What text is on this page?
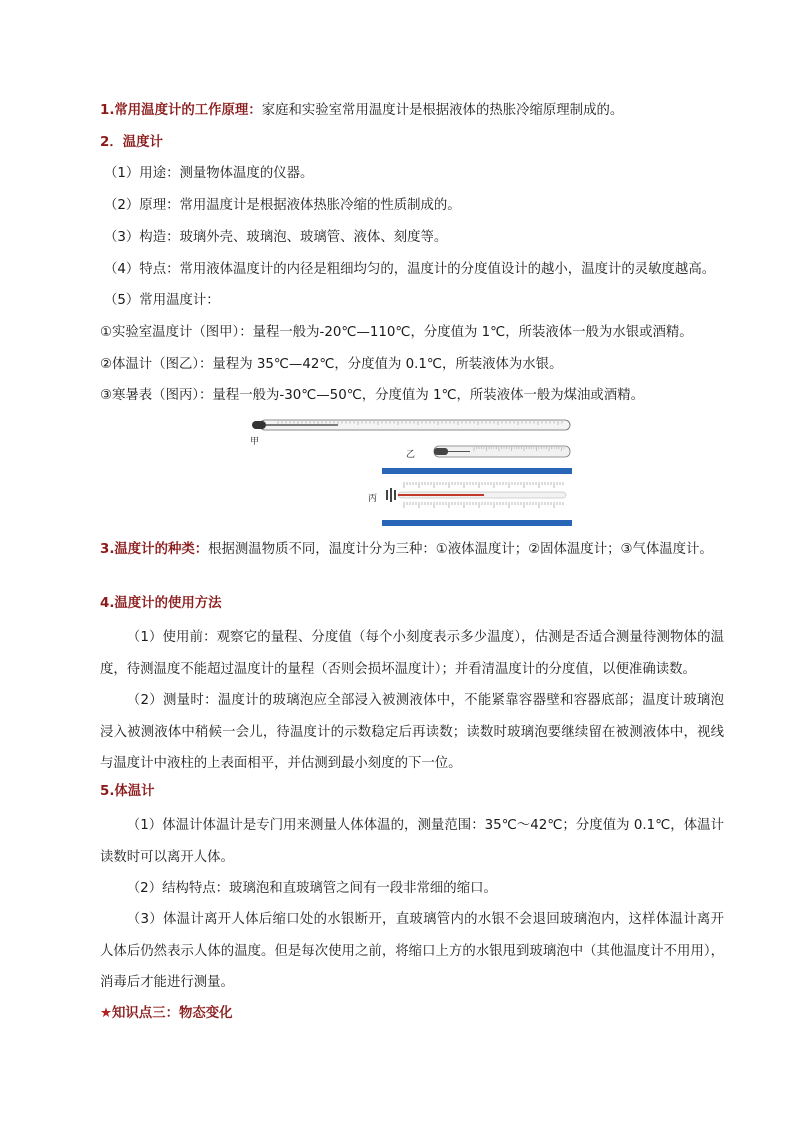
1.常用温度计的工作原理：家庭和实验室常用温度计是根据液体的热胀冷缩原理制成的。
2．温度计
（1）用途：测量物体温度的仪器。
（2）原理：常用温度计是根据液体热胀冷缩的性质制成的。
（3）构造：玻璃外壳、玻璃泡、玻璃管、液体、刻度等。
（4）特点：常用液体温度计的内径是粗细均匀的，温度计的分度值设计的越小，温度计的灵敏度越高。
（5）常用温度计：
①实验室温度计（图甲）：量程一般为-20℃—110℃，分度值为 1℃，所装液体一般为水银或酒精。
②体温计（图乙）：量程为 35℃—42℃，分度值为 0.1℃，所装液体为水银。
③寒暑表（图丙）：量程一般为-30℃—50℃，分度值为 1℃，所装液体一般为煤油或酒精。
甲
乙
丙
3.温度计的种类：根据测温物质不同，温度计分为三种：①液体温度计；②固体温度计；③气体温度计。
4.温度计的使用方法
（1）使用前：观察它的量程、分度值（每个小刻度表示多少温度），估测是否适合测量待测物体的温度，待测温度不能超过温度计的量程（否则会损坏温度计）；并看清温度计的分度值，以便准确读数。
（2）测量时：温度计的玻璃泡应全部浸入被测液体中，不能紧靠容器壁和容器底部；温度计玻璃泡浸入被测液体中稍候一会儿，待温度计的示数稳定后再读数；读数时玻璃泡要继续留在被测液体中，视线与温度计中液柱的上表面相平，并估测到最小刻度的下一位。
5.体温计
（1）体温计体温计是专门用来测量人体体温的，测量范围：35℃～42℃；分度值为 0.1℃，体温计读数时可以离开人体。
（2）结构特点：玻璃泡和直玻璃管之间有一段非常细的缩口。
（3）体温计离开人体后缩口处的水银断开，直玻璃管内的水银不会退回玻璃泡内，这样体温计离开人体后仍然表示人体的温度。但是每次使用之前，将缩口上方的水银甩到玻璃泡中（其他温度计不用用），消毒后才能进行测量。
★知识点三：物态变化
